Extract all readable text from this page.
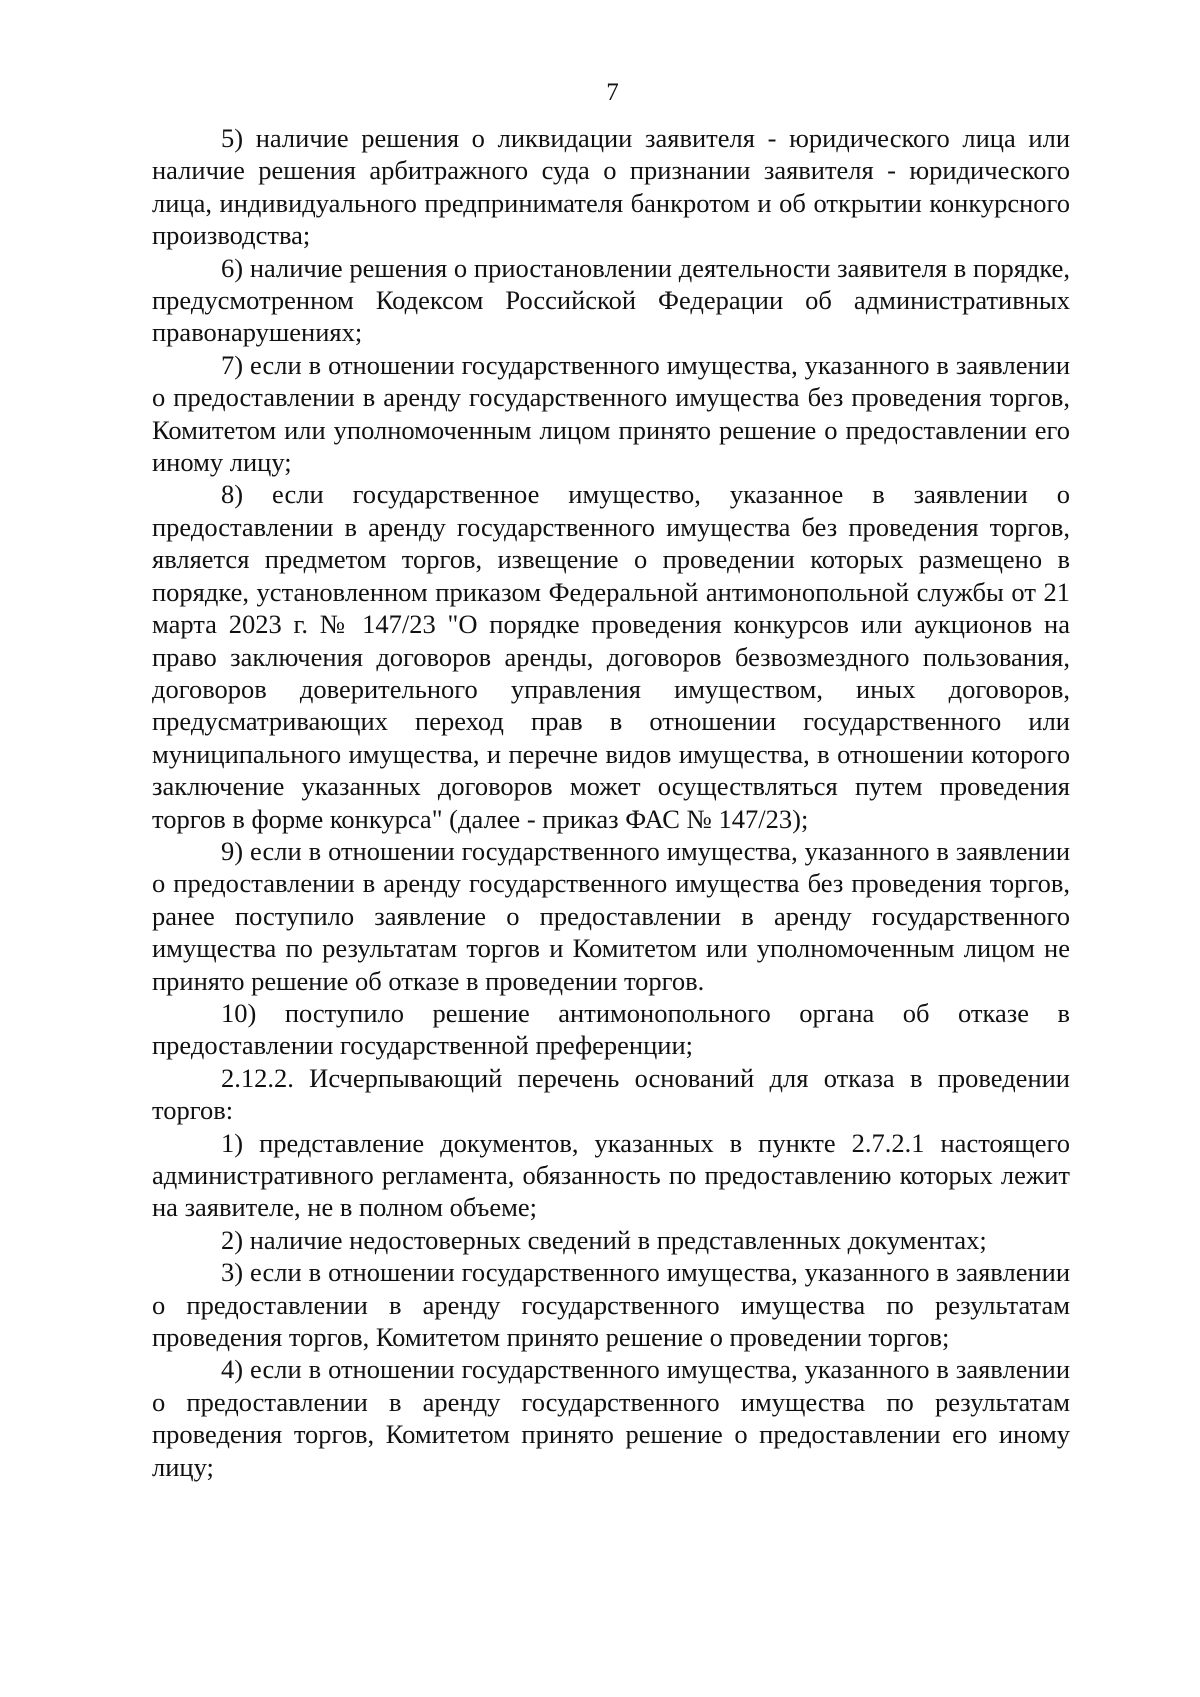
7

5) наличие решения о ликвидации заявителя - юридического лица или наличие решения арбитражного суда о признании заявителя - юридического лица, индивидуального предпринимателя банкротом и об открытии конкурсного производства;

6) наличие решения о приостановлении деятельности заявителя в порядке, предусмотренном Кодексом Российской Федерации об административных правонарушениях;

7) если в отношении государственного имущества, указанного в заявлении о предоставлении в аренду государственного имущества без проведения торгов, Комитетом или уполномоченным лицом принято решение о предоставлении его иному лицу;

8) если государственное имущество, указанное в заявлении о предоставлении в аренду государственного имущества без проведения торгов, является предметом торгов, извещение о проведении которых размещено в порядке, установленном приказом Федеральной антимонопольной службы от 21 марта 2023 г. № 147/23 "О порядке проведения конкурсов или аукционов на право заключения договоров аренды, договоров безвозмездного пользования, договоров доверительного управления имуществом, иных договоров, предусматривающих переход прав в отношении государственного или муниципального имущества, и перечне видов имущества, в отношении которого заключение указанных договоров может осуществляться путем проведения торгов в форме конкурса" (далее - приказ ФАС № 147/23);

9) если в отношении государственного имущества, указанного в заявлении о предоставлении в аренду государственного имущества без проведения торгов, ранее поступило заявление о предоставлении в аренду государственного имущества по результатам торгов и Комитетом или уполномоченным лицом не принято решение об отказе в проведении торгов.

10) поступило решение антимонопольного органа об отказе в предоставлении государственной преференции;

2.12.2. Исчерпывающий перечень оснований для отказа в проведении торгов:

1) представление документов, указанных в пункте 2.7.2.1 настоящего административного регламента, обязанность по предоставлению которых лежит на заявителе, не в полном объеме;

2) наличие недостоверных сведений в представленных документах;

3) если в отношении государственного имущества, указанного в заявлении о предоставлении в аренду государственного имущества по результатам проведения торгов, Комитетом принято решение о проведении торгов;

4) если в отношении государственного имущества, указанного в заявлении о предоставлении в аренду государственного имущества по результатам проведения торгов, Комитетом принято решение о предоставлении его иному лицу;
